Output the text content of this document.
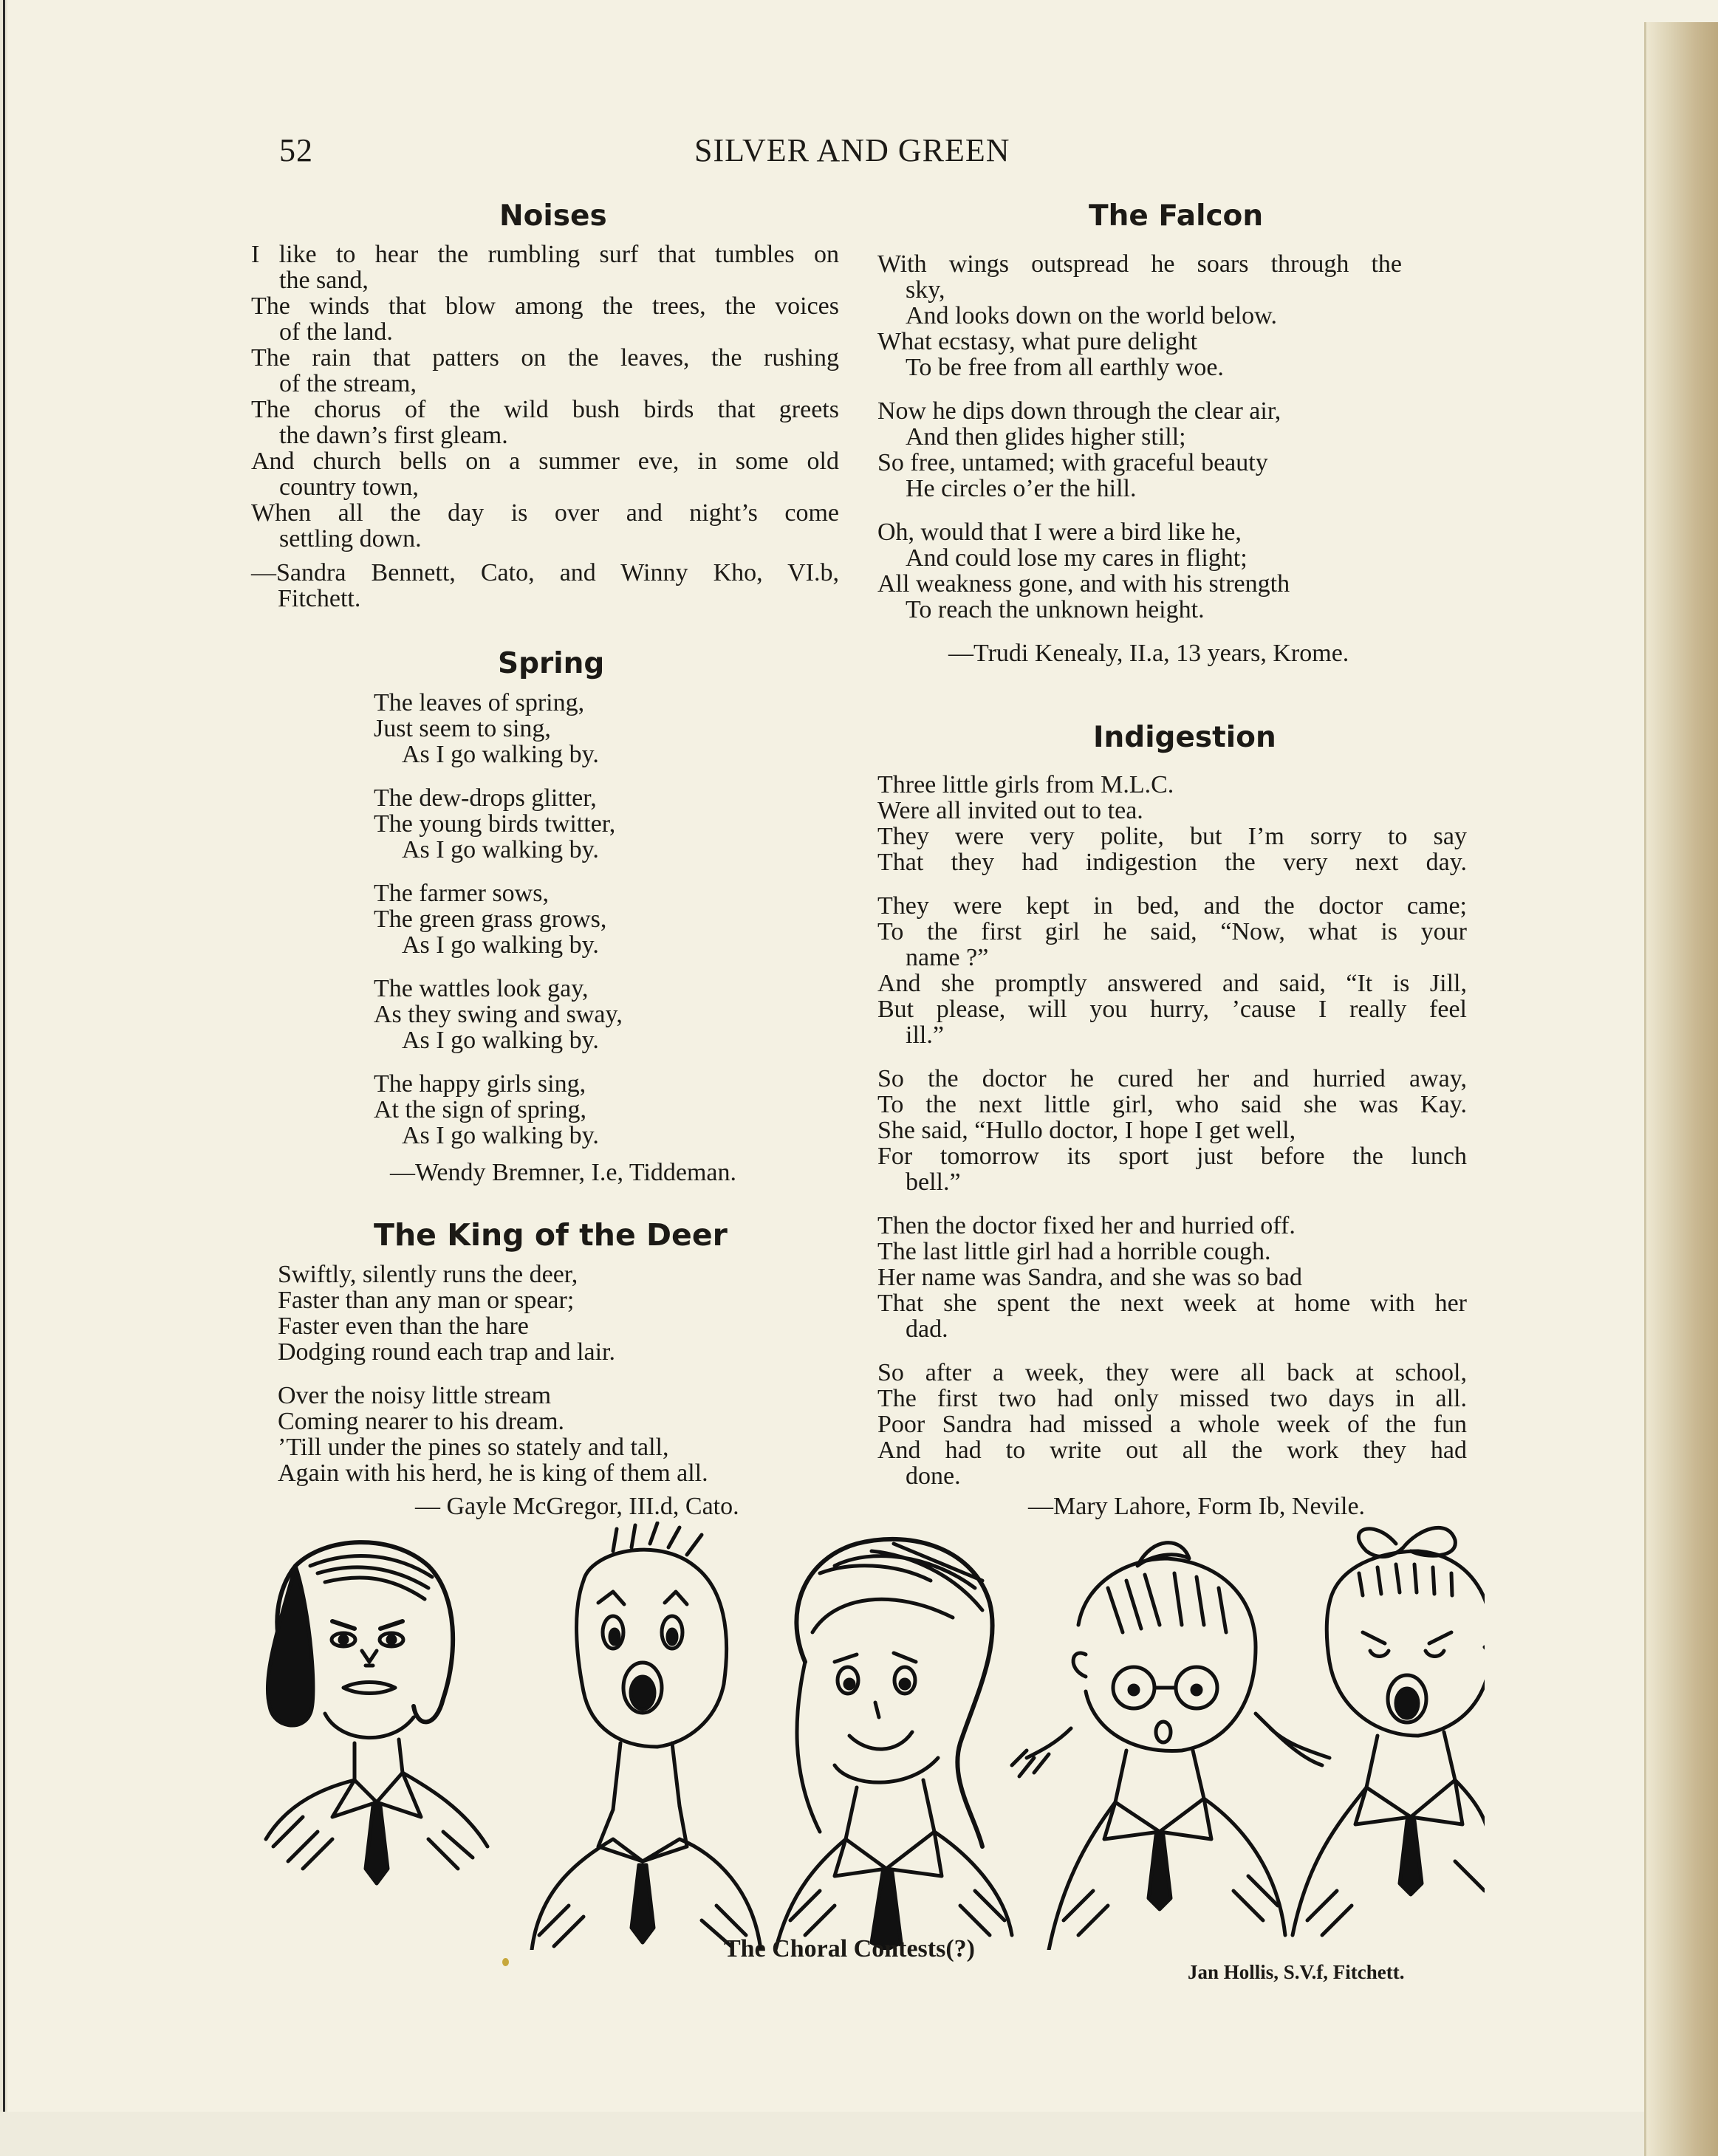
52	SILVER AND GREEN
Noises
I like to hear the rumbling surf that tumbles on
the sand,
The winds that blow among the trees, the voices
of the land.
The rain that patters on the leaves, the rushing
of the stream,
The chorus of the wild bush birds that greets
the dawn’s first gleam.
And church bells on a summer eve, in some old
country town,
When all the day is over and night’s come
settling down.
—Sandra Bennett, Cato, and Winny Kho, VI.b,
Fitchett.
Spring
The leaves of spring,
Just seem to sing,
As I go walking by.
The dew-drops glitter,
The young birds twitter,
As I go walking by.
The farmer sows,
The green grass grows,
As I go walking by.
The wattles look gay,
As they swing and sway,
As I go walking by.
The happy girls sing,
At the sign of spring,
As I go walking by.
—Wendy Bremner, I.e, Tiddeman.
The King of the Deer
Swiftly, silently runs the deer,
Faster than any man or spear;
Faster even than the hare
Dodging round each trap and lair.
Over the noisy little stream
Coming nearer to his dream.
’Till under the pines so stately and tall,
Again with his herd, he is king of them all.
— Gayle McGregor, III.d, Cato.
The Falcon
With wings outspread he soars through the
sky,
And looks down on the world below.
What ecstasy, what pure delight
To be free from all earthly woe.
Now he dips down through the clear air,
And then glides higher still;
So free, untamed; with graceful beauty
He circles o’er the hill.
Oh, would that I were a bird like he,
And could lose my cares in flight;
All weakness gone, and with his strength
To reach the unknown height.
—Trudi Kenealy, II.a, 13 years, Krome.
Indigestion
Three little girls from M.L.C.
Were all invited out to tea.
They were very polite, but I’m sorry to say
That they had indigestion the very next day.
They were kept in bed, and the doctor came;
To the first girl he said, “Now, what is your
name ?”
And she promptly answered and said, “It is Jill,
But please, will you hurry, ’cause I really feel
ill.”
So the doctor he cured her and hurried away,
To the next little girl, who said she was Kay.
She said, “Hullo doctor, I hope I get well,
For tomorrow its sport just before the lunch
bell.”
Then the doctor fixed her and hurried off.
The last little girl had a horrible cough.
Her name was Sandra, and she was so bad
That she spent the next week at home with her
dad.
So after a week, they were all back at school,
The first two had only missed two days in all.
Poor Sandra had missed a whole week of the fun
And had to write out all the work they had
done.
—Mary Lahore, Form Ib, Nevile.
The Choral Contests(?)
Jan Hollis, S.V.f, Fitchett.
